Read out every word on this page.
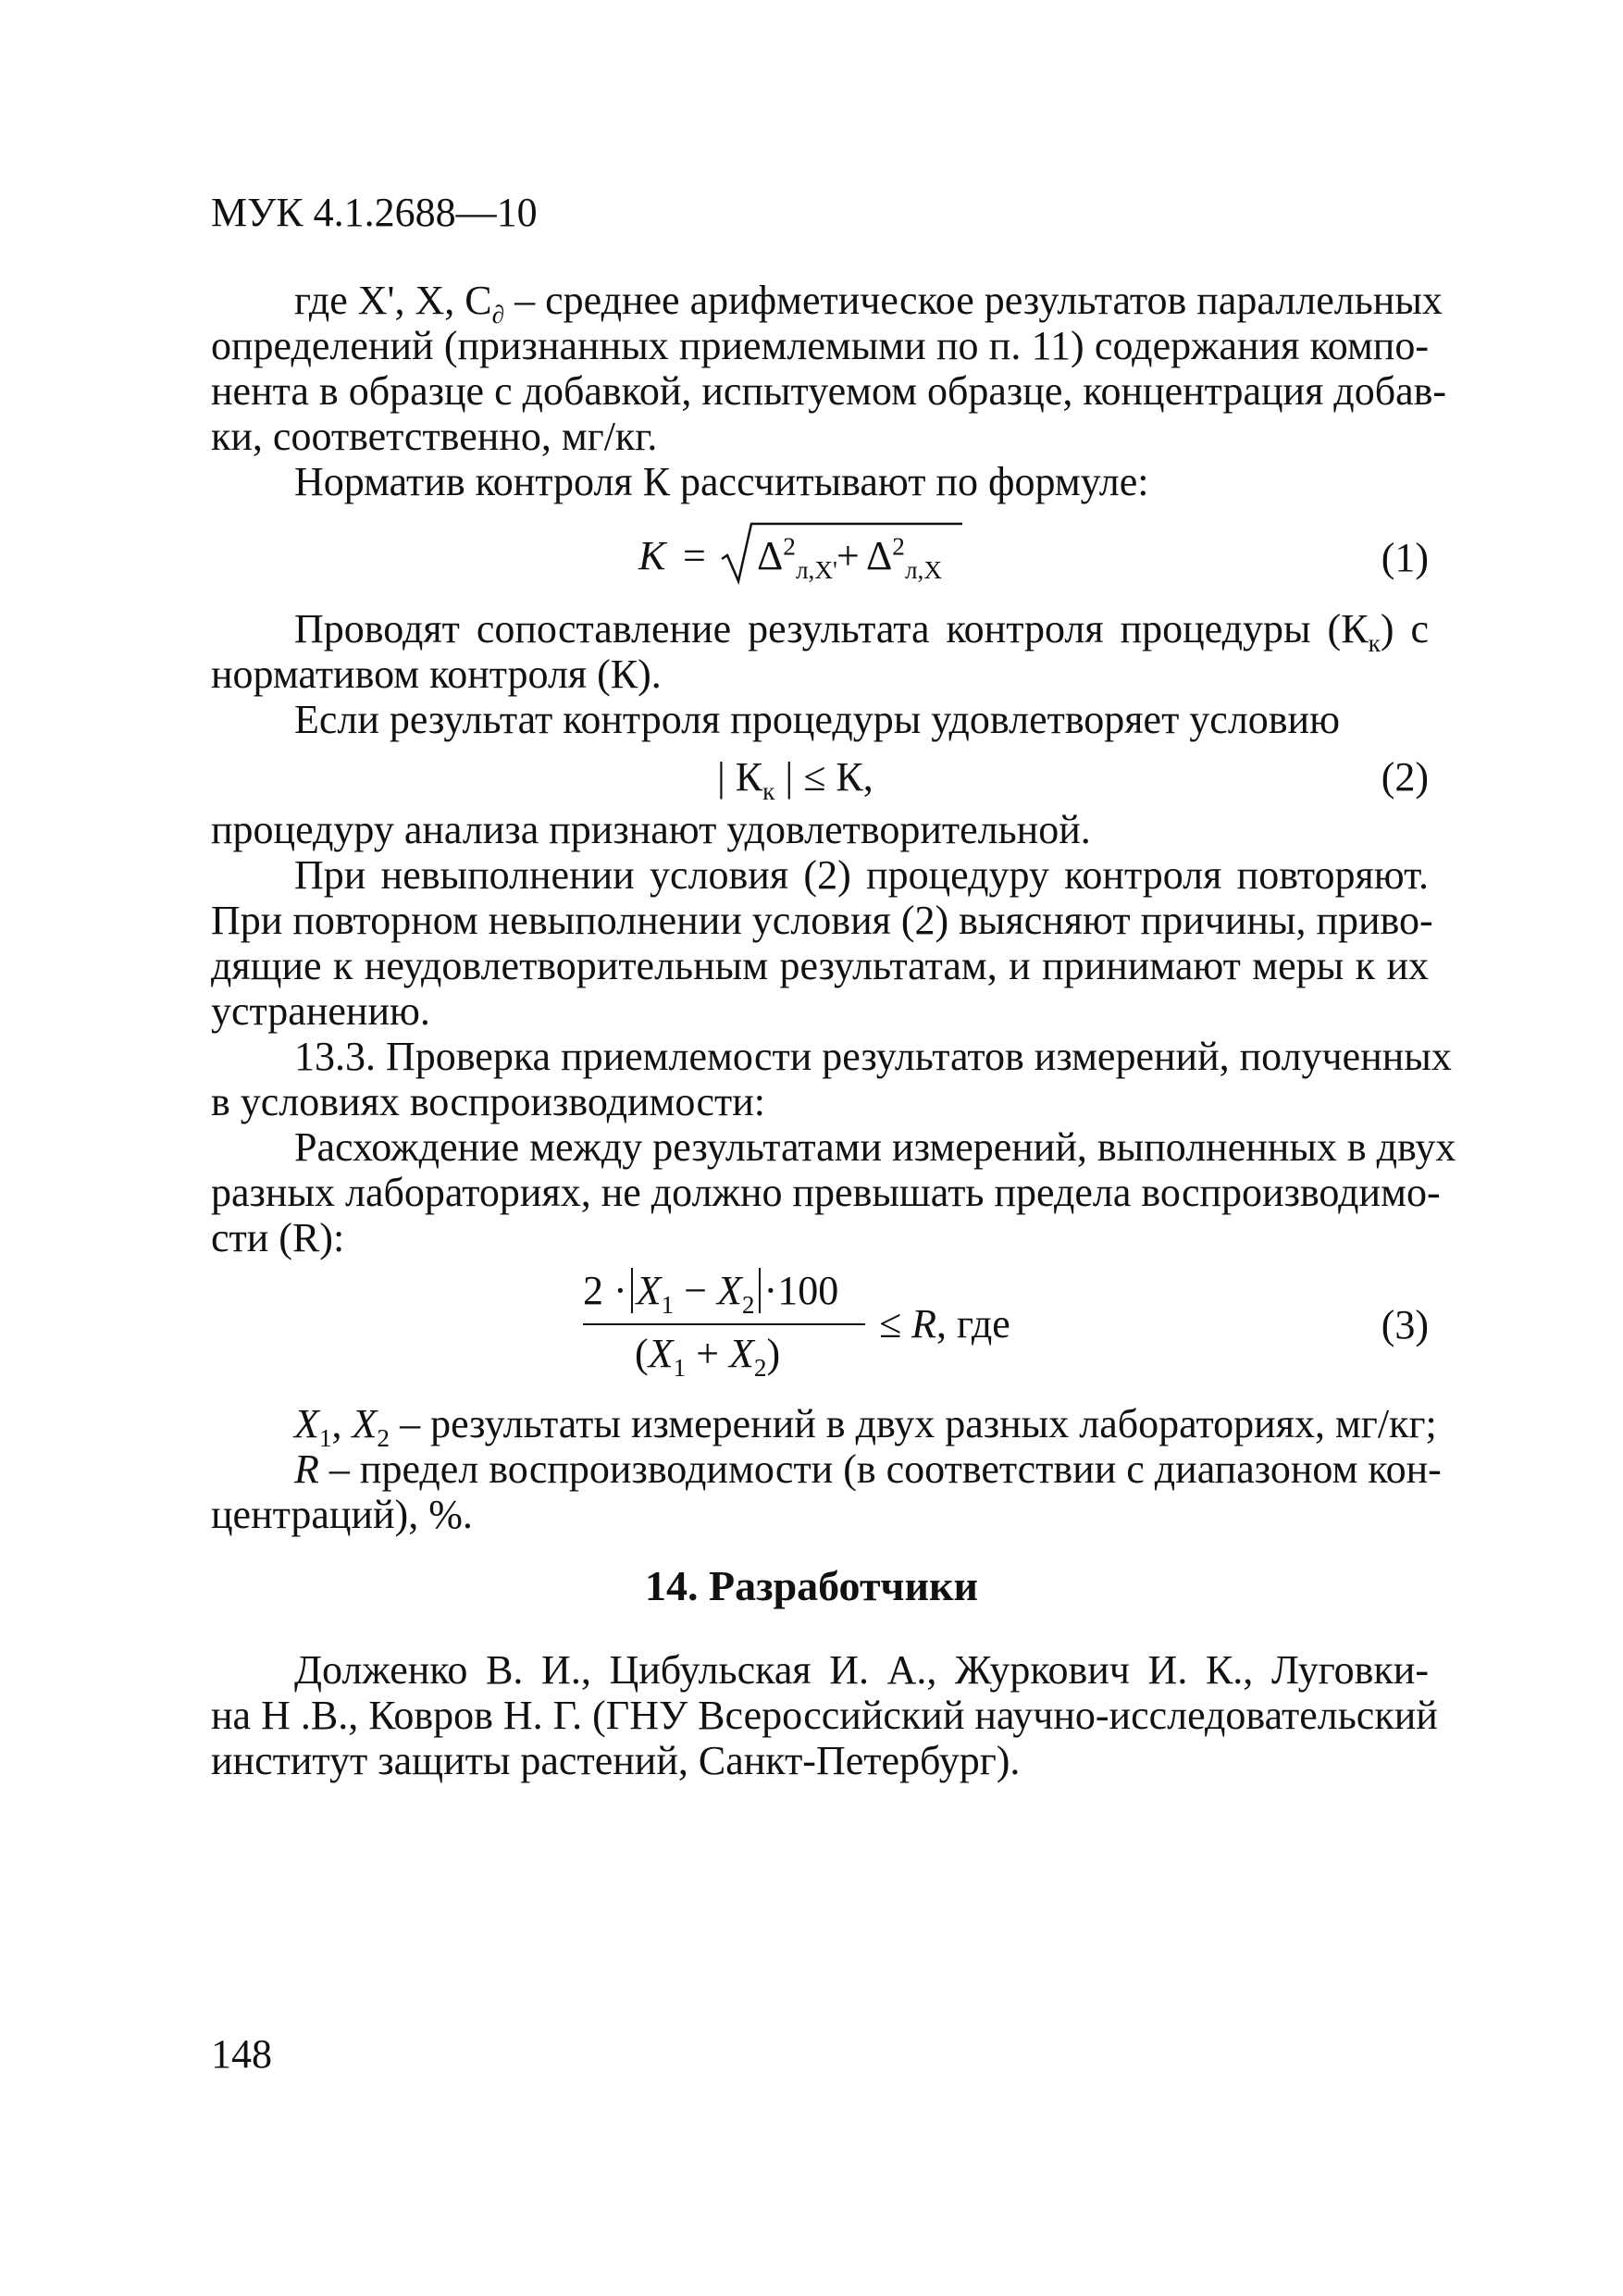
МУК 4.1.2688—10
где X', X, $C_\partial$ – среднее арифметическое результатов параллельных
определений (признанных приемлемыми по п. 11) содержания компо-
нента в образце с добавкой, испытуемом образце, концентрация добав-
ки, соответственно, мг/кг.
Норматив контроля К рассчитывают по формуле:
$К = \Delta^2_{л,X'} + \Delta^2_{л,X}$	(1)
Проводят сопоставление результата контроля процедуры $(К_к)$ с
нормативом контроля (К).
Если результат контроля процедуры удовлетворяет условию
| $К_к$ | ≤ К,	(2)
процедуру анализа признают удовлетворительной.
При невыполнении условия (2) процедуру контроля повторяют.
При повторном невыполнении условия (2) выясняют причины, приво-
дящие к неудовлетворительным результатам, и принимают меры к их
устранению.
13.3. Проверка приемлемости результатов измерений, полученных
в условиях воспроизводимости:
Расхождение между результатами измерений, выполненных в двух
разных лабораториях, не должно превышать предела воспроизводимо-
сти (R):
$2 \cdot X_1 - X_2 \cdot 100$
$(X_1 + X_2)$
≤ R, где	(3)
$X_1$, $X_2$ – результаты измерений в двух разных лабораториях, мг/кг;
R – предел воспроизводимости (в соответствии с диапазоном кон-
центраций), %.
14. Разработчики
Долженко В. И., Цибульская И. А., Журкович И. К., Луговки-
на Н .В., Ковров Н. Г. (ГНУ Всероссийский научно-исследовательский
институт защиты растений, Санкт-Петербург).
148
